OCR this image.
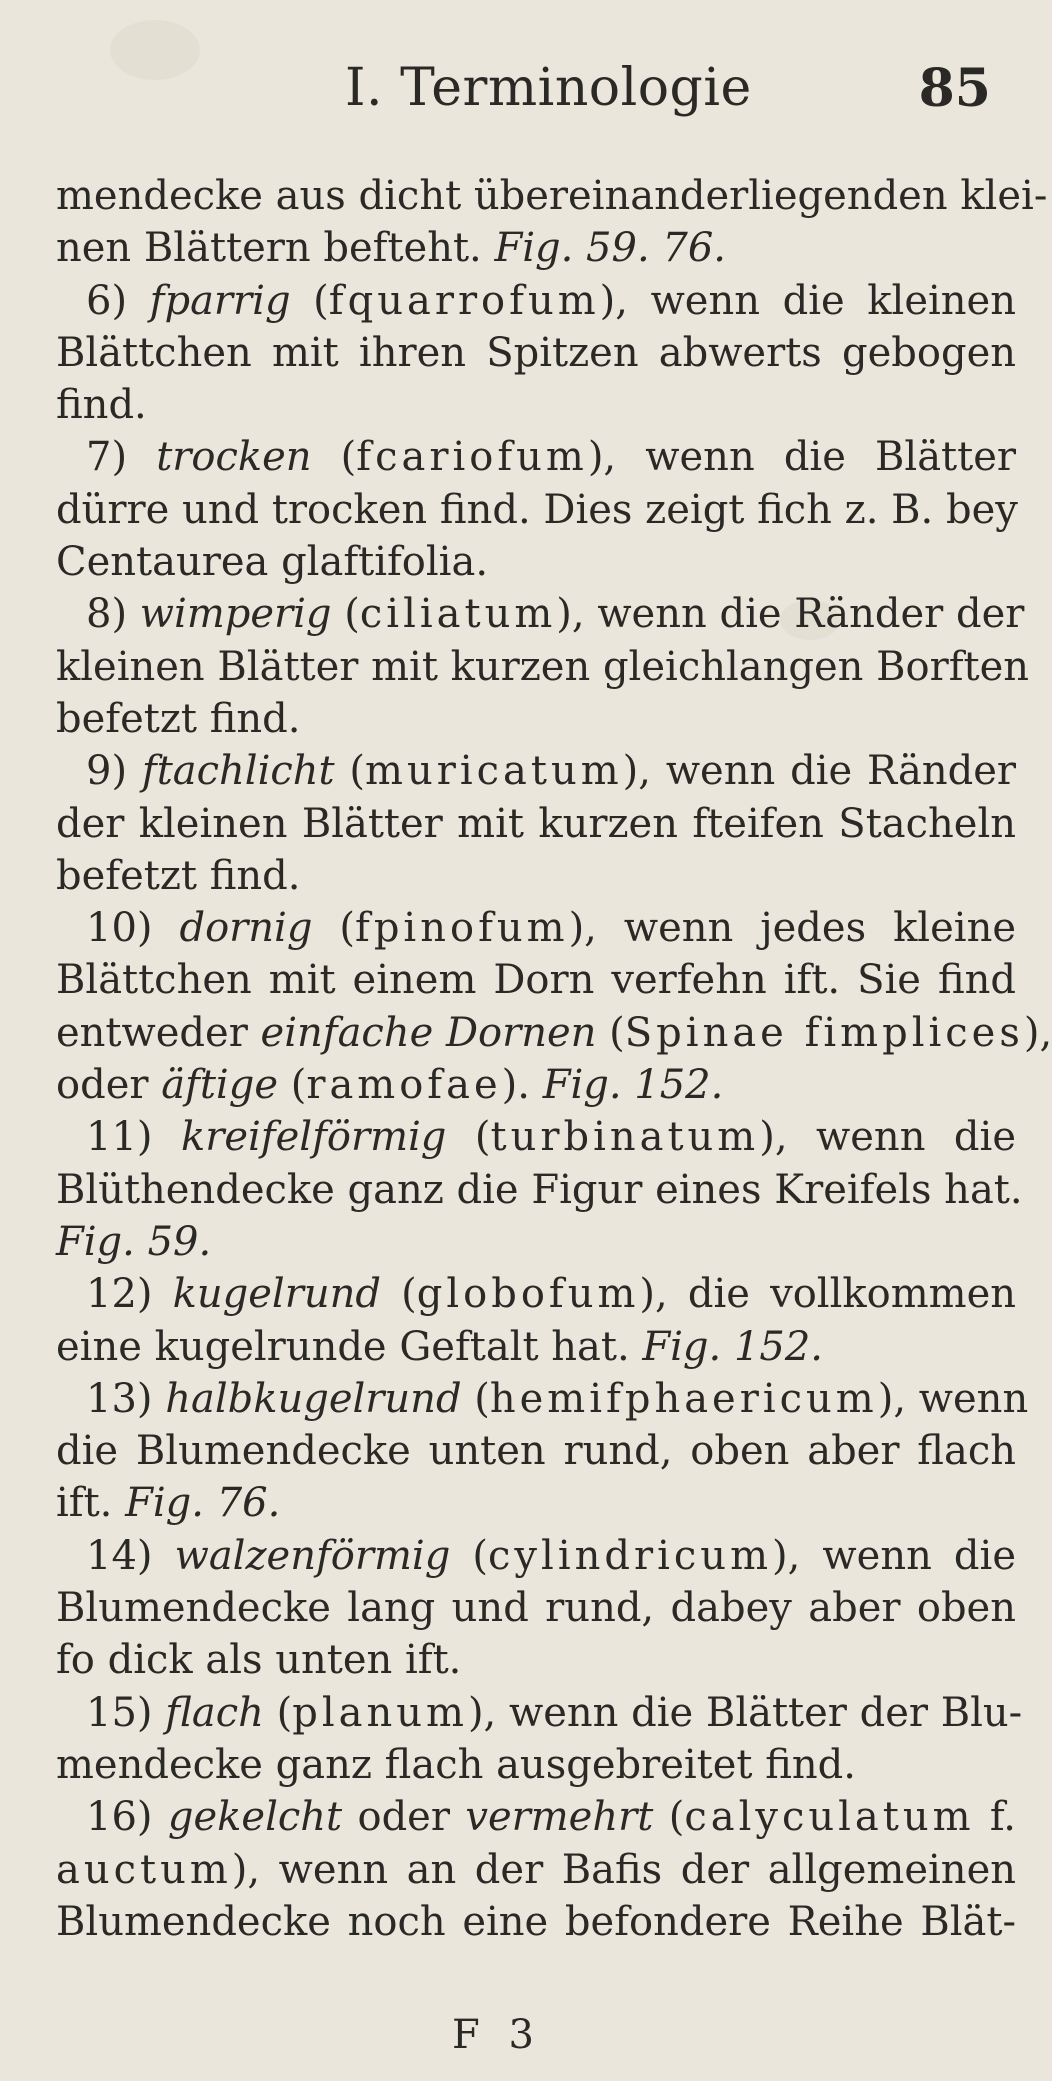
I. Terminologie	85
mendecke aus dicht übereinanderliegenden klei-
nen Blättern befteht. Fig. 59. 76.
6) fparrig (fquarrofum), wenn die kleinen
Blättchen mit ihren Spitzen abwerts gebogen
find.
7) trocken (fcariofum), wenn die Blätter
dürre und trocken find. Dies zeigt fich z. B. bey
Centaurea glaftifolia.
8) wimperig (ciliatum), wenn die Ränder der
kleinen Blätter mit kurzen gleichlangen Borften
befetzt find.
9) ftachlicht (muricatum), wenn die Ränder
der kleinen Blätter mit kurzen fteifen Stacheln
befetzt find.
10) dornig (fpinofum), wenn jedes kleine
Blättchen mit einem Dorn verfehn ift. Sie find
entweder einfache Dornen (Spinae fimplices),
oder äftige (ramofae). Fig. 152.
11) kreifelförmig (turbinatum), wenn die
Blüthendecke ganz die Figur eines Kreifels hat.
Fig. 59.
12) kugelrund (globofum), die vollkommen
eine kugelrunde Geftalt hat. Fig. 152.
13) halbkugelrund (hemifphaericum), wenn
die Blumendecke unten rund, oben aber flach
ift. Fig. 76.
14) walzenförmig (cylindricum), wenn die
Blumendecke lang und rund, dabey aber oben
fo dick als unten ift.
15) flach (planum), wenn die Blätter der Blu-
mendecke ganz flach ausgebreitet find.
16) gekelcht oder vermehrt (calyculatum f.
auctum), wenn an der Bafis der allgemeinen
Blumendecke noch eine befondere Reihe Blät-
F 3
